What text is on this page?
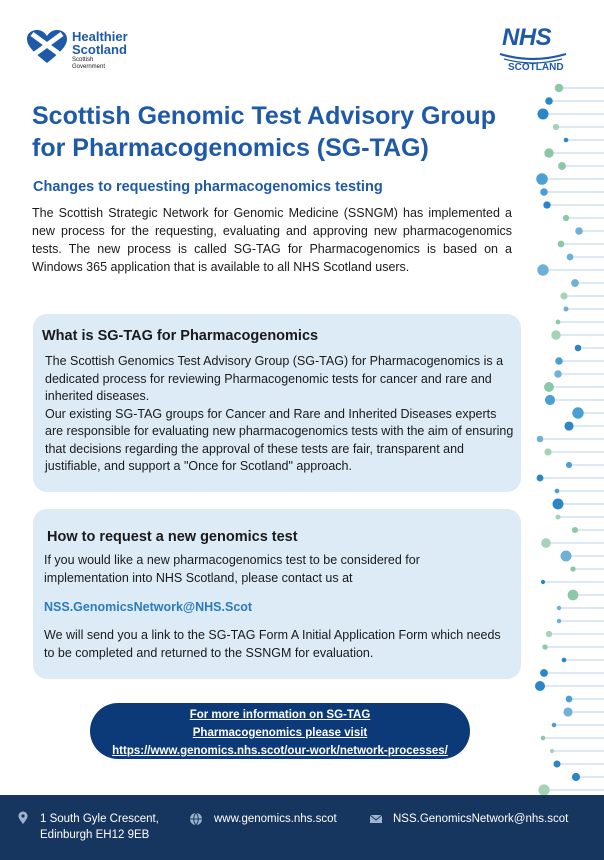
Healthier
Scotland
Scottish
Government
NHS
SCOTLAND
Scottish Genomic Test Advisory Group for Pharmacogenomics (SG-TAG)
Changes to requesting pharmacogenomics testing

The Scottish Strategic Network for Genomic Medicine (SSNGM) has implemented a new process for the requesting, evaluating and approving new pharmacogenomics tests. The new process is called SG-TAG for Pharmacogenomics is based on a Windows 365 application that is available to all NHS Scotland users.

What is SG-TAG for Pharmacogenomics
The Scottish Genomics Test Advisory Group (SG-TAG) for Pharmacogenomics is a dedicated process for reviewing Pharmacogenomic tests for cancer and rare and inherited diseases.
Our existing SG-TAG groups for Cancer and Rare and Inherited Diseases experts are responsible for evaluating new pharmacogenomics tests with the aim of ensuring that decisions regarding the approval of these tests are fair, transparent and justifiable, and support a "Once for Scotland" approach.
How to request a new genomics test

If you would like a new pharmacogenomics test to be considered for implementation into NHS Scotland, please contact us at

NSS.GenomicsNetwork@NHS.Scot

We will send you a link to the SG-TAG Form A Initial Application Form which needs to be completed and returned to the SSNGM for evaluation.

For more information on SG-TAG
Pharmacogenomics please visit
https://www.genomics.nhs.scot/our-work/network-processes/
1 South Gyle Crescent,
Edinburgh EH12 9EB
www.genomics.nhs.scot	NSS.GenomicsNetwork@nhs.scot
